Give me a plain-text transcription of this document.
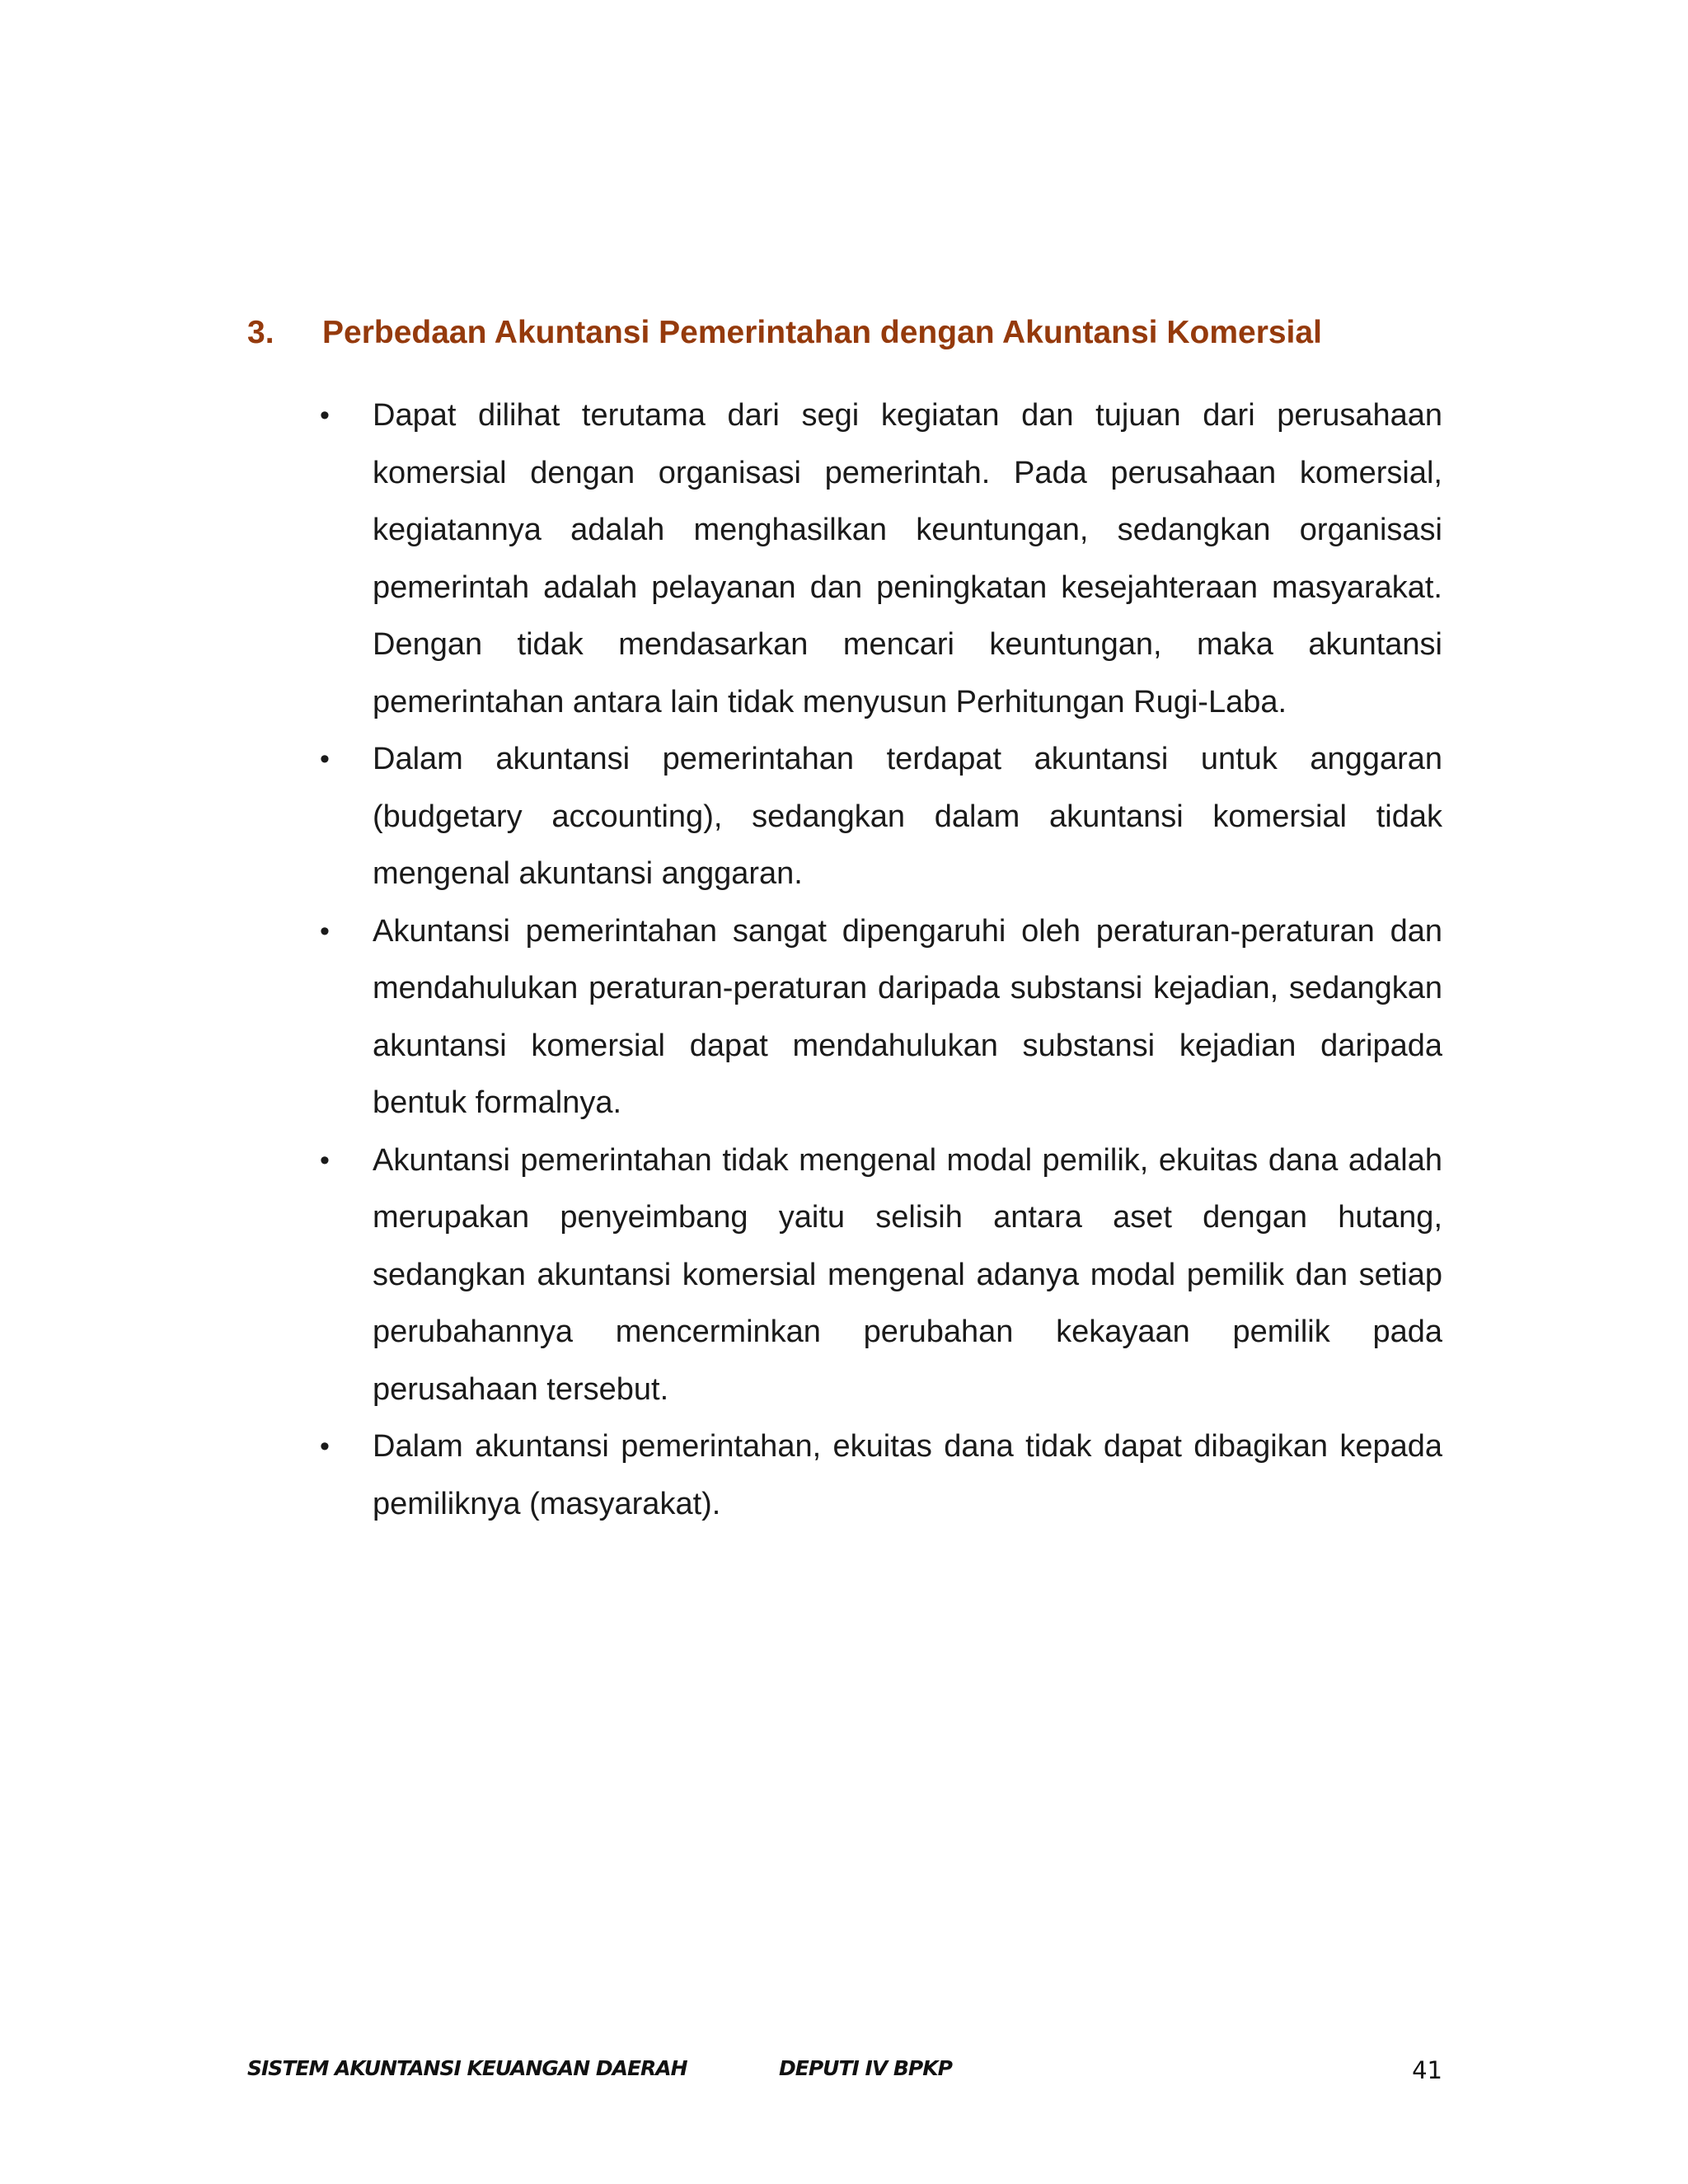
3. Perbedaan Akuntansi Pemerintahan dengan Akuntansi Komersial
•	Dapat dilihat terutama dari segi kegiatan dan tujuan dari perusahaan komersial dengan organisasi pemerintah. Pada perusahaan komersial, kegiatannya adalah menghasilkan keuntungan, sedangkan organisasi pemerintah adalah pelayanan dan peningkatan kesejahteraan masyarakat. Dengan tidak mendasarkan mencari keuntungan, maka akuntansi pemerintahan antara lain tidak menyusun Perhitungan Rugi-Laba.
•	Dalam akuntansi pemerintahan terdapat akuntansi untuk anggaran (budgetary accounting), sedangkan dalam akuntansi komersial tidak mengenal akuntansi anggaran.
•	Akuntansi pemerintahan sangat dipengaruhi oleh peraturan-peraturan dan mendahulukan peraturan-peraturan daripada substansi kejadian, sedangkan akuntansi komersial dapat mendahulukan substansi kejadian daripada bentuk formalnya.
•	Akuntansi pemerintahan tidak mengenal modal pemilik, ekuitas dana adalah merupakan penyeimbang yaitu selisih antara aset dengan hutang, sedangkan akuntansi komersial mengenal adanya modal pemilik dan setiap perubahannya mencerminkan perubahan kekayaan pemilik pada perusahaan tersebut.
•	Dalam akuntansi pemerintahan, ekuitas dana tidak dapat dibagikan kepada pemiliknya (masyarakat).
SISTEM AKUNTANSI KEUANGAN DAERAH	DEPUTI IV BPKP	41
